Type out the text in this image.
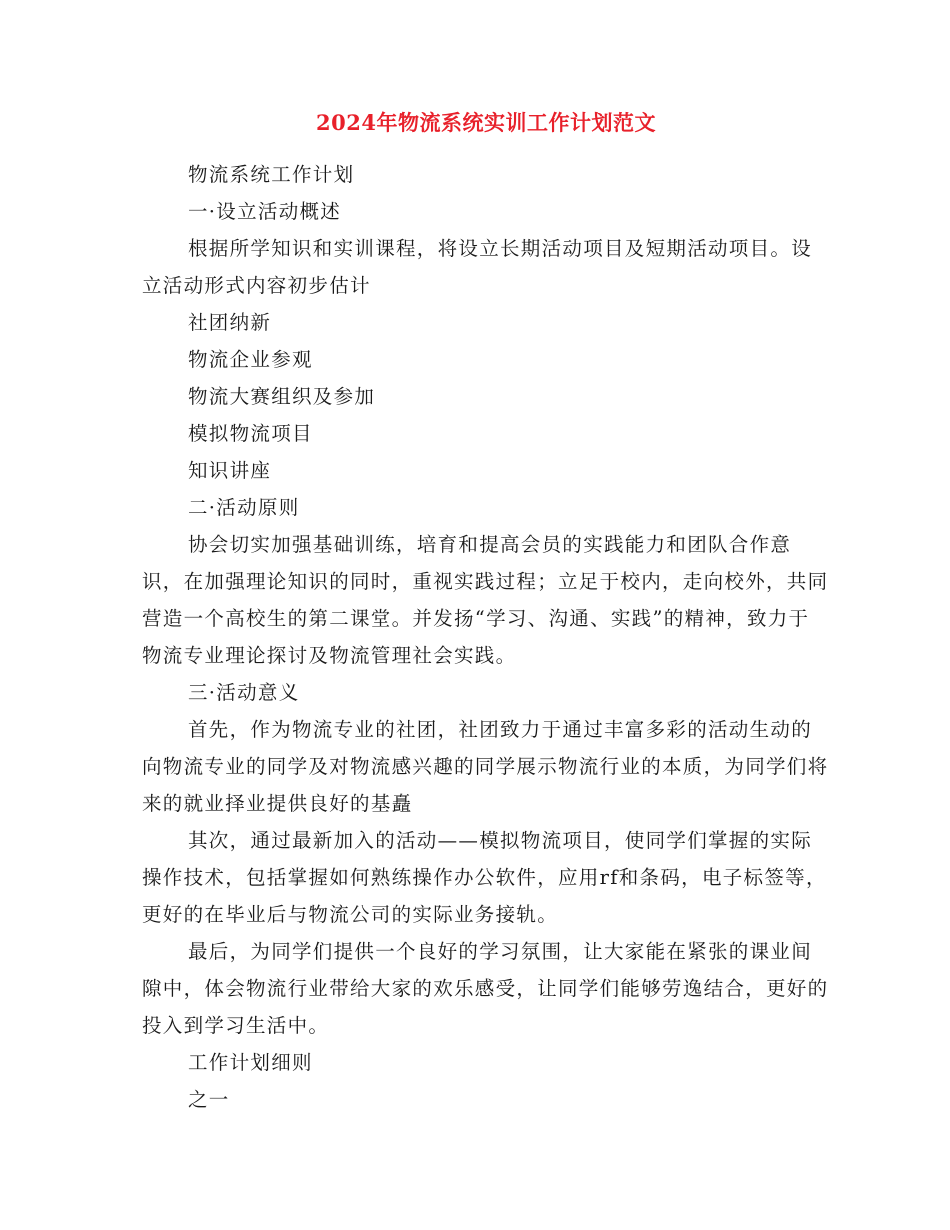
2024年物流系统实训工作计划范文

物流系统工作计划

一·设立活动概述

根据所学知识和实训课程，将设立长期活动项目及短期活动项目。设立活动形式内容初步估计

社团纳新

物流企业参观

物流大赛组织及参加

模拟物流项目

知识讲座

二·活动原则

协会切实加强基础训练，培育和提高会员的实践能力和团队合作意识，在加强理论知识的同时，重视实践过程；立足于校内，走向校外，共同营造一个高校生的第二课堂。并发扬“学习、沟通、实践”的精神，致力于物流专业理论探讨及物流管理社会实践。

三·活动意义

首先，作为物流专业的社团，社团致力于通过丰富多彩的活动生动的向物流专业的同学及对物流感兴趣的同学展示物流行业的本质，为同学们将来的就业择业提供良好的基矗

其次，通过最新加入的活动——模拟物流项目，使同学们掌握的实际操作技术，包括掌握如何熟练操作办公软件，应用rf和条码，电子标签等，更好的在毕业后与物流公司的实际业务接轨。

最后，为同学们提供一个良好的学习氛围，让大家能在紧张的课业间隙中，体会物流行业带给大家的欢乐感受，让同学们能够劳逸结合，更好的投入到学习生活中。

工作计划细则

之一
